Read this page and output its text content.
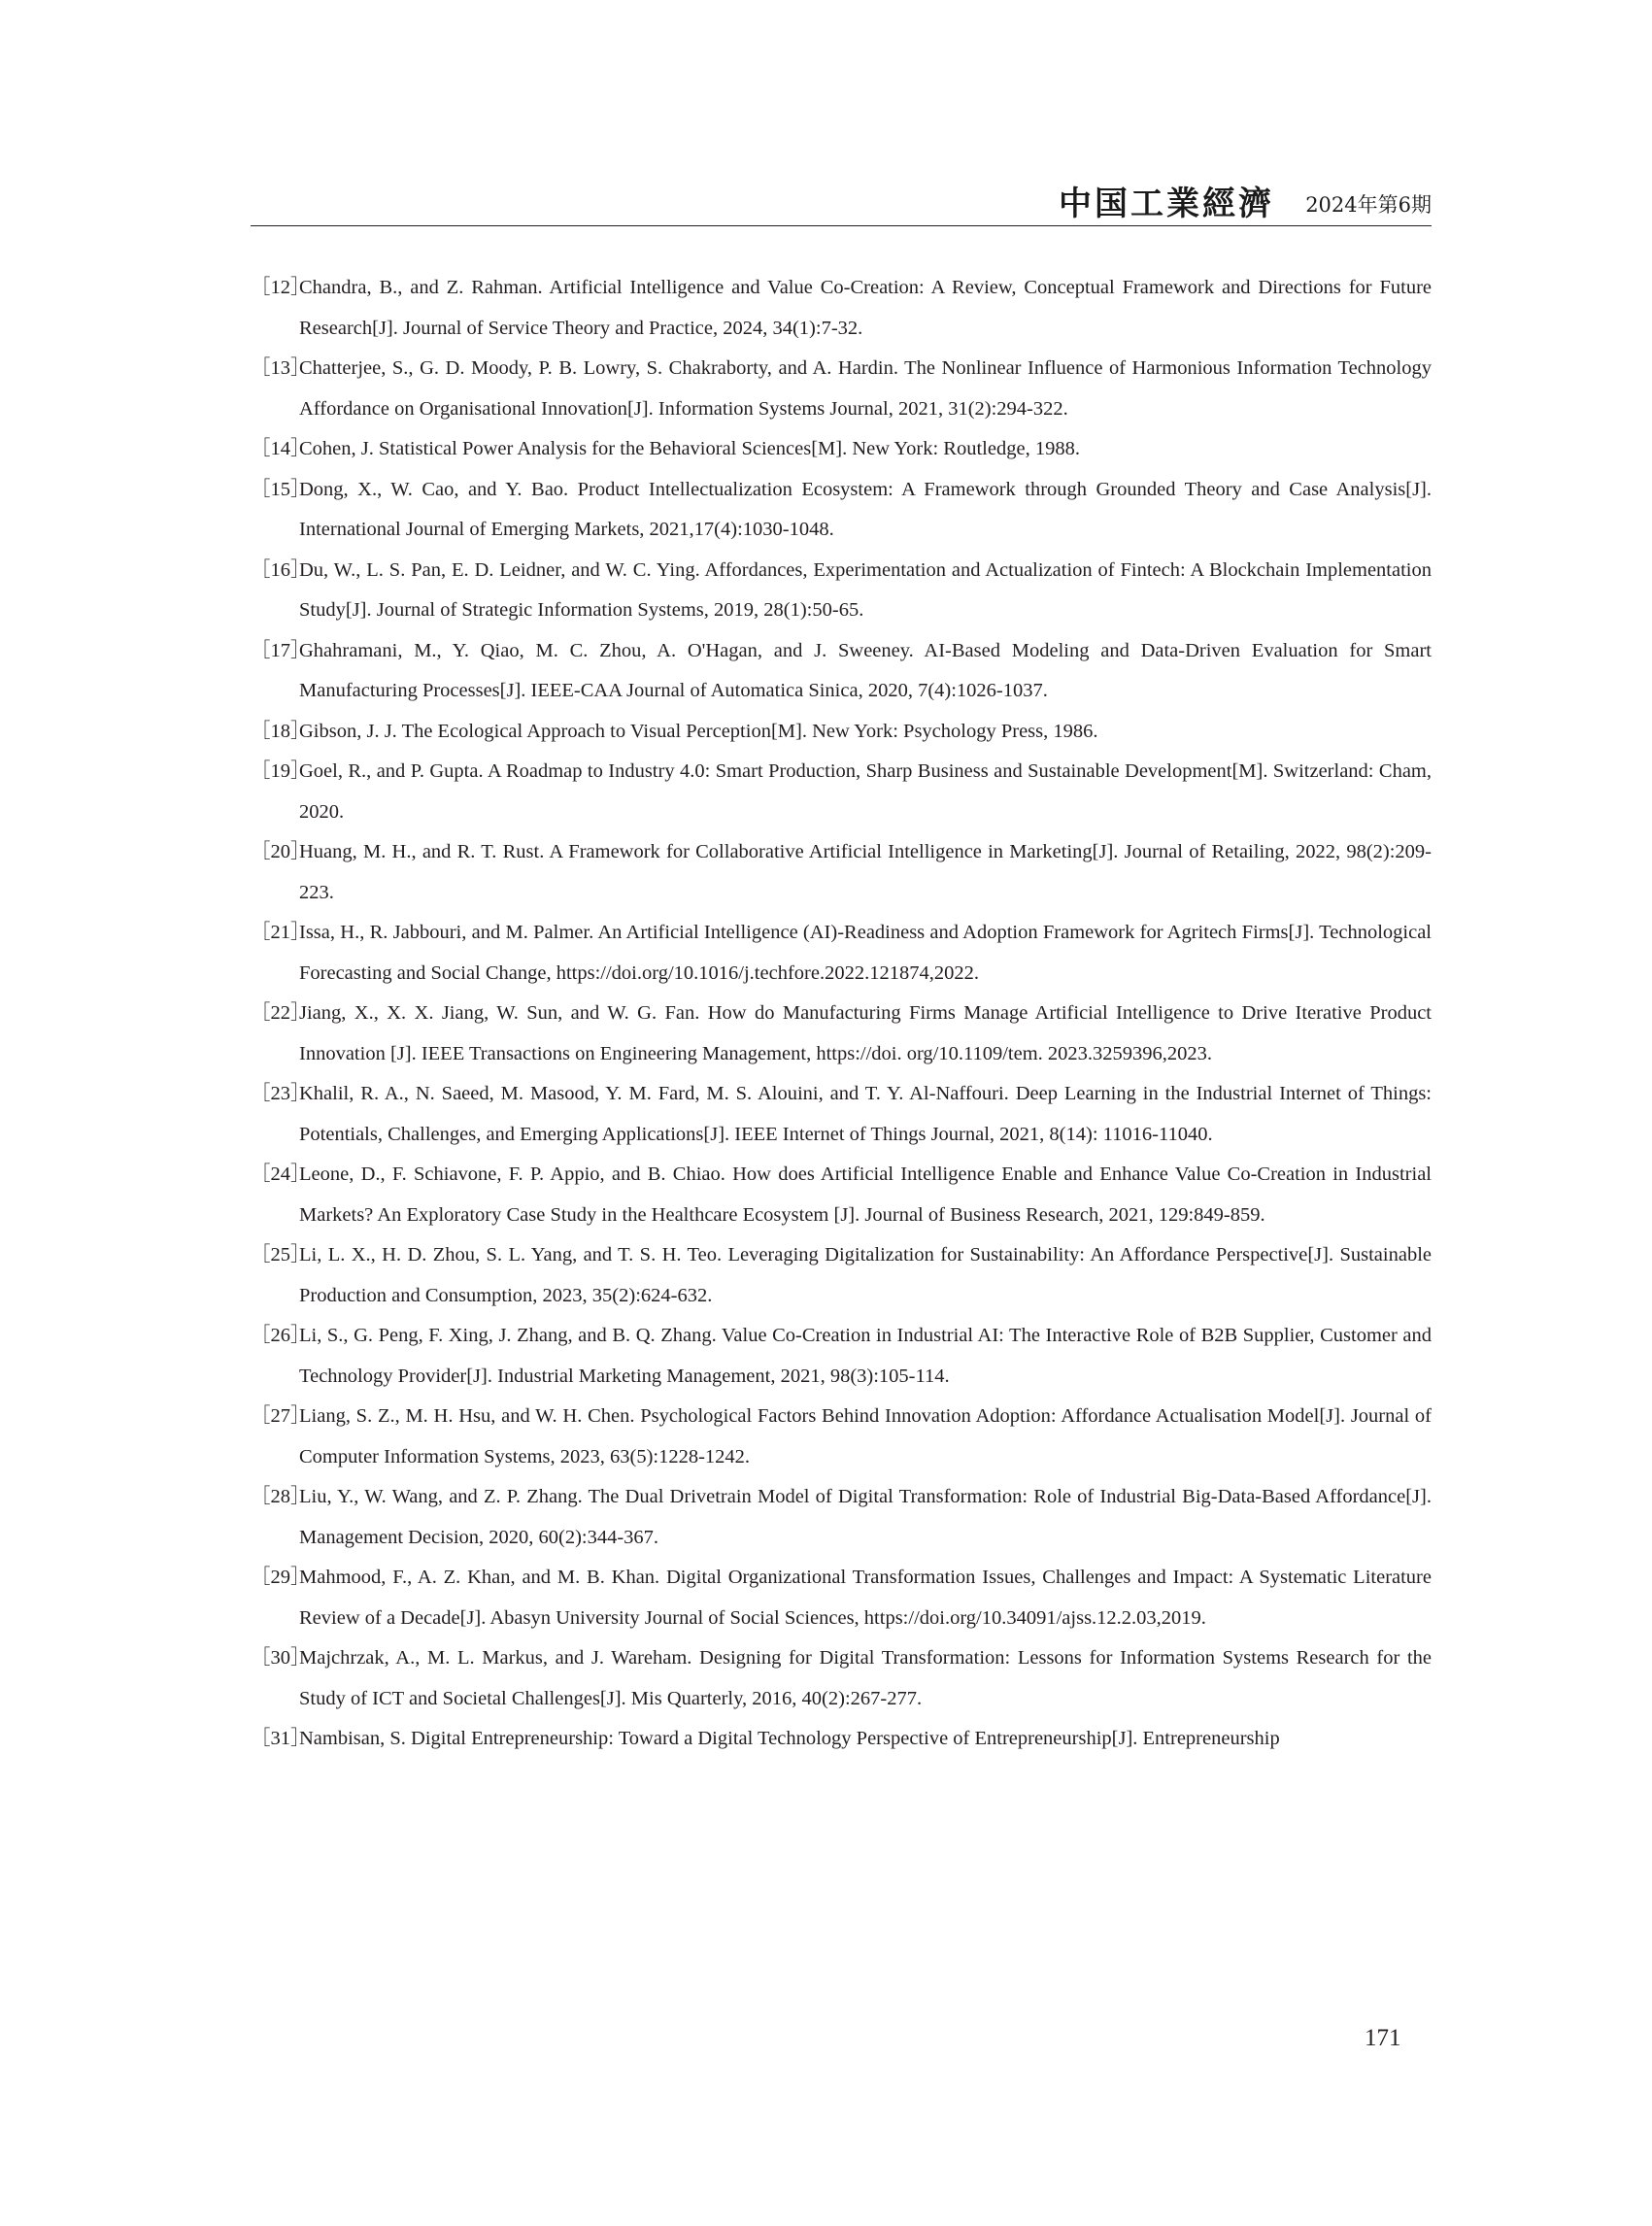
中国工業經濟 2024年第6期
［12］
Chandra, B., and Z. Rahman. Artificial Intelligence and Value Co-Creation: A Review, Conceptual Framework and Directions for Future Research[J]. Journal of Service Theory and Practice, 2024, 34(1):7-32.
［13］
Chatterjee, S., G. D. Moody, P. B. Lowry, S. Chakraborty, and A. Hardin. The Nonlinear Influence of Harmonious Information Technology Affordance on Organisational Innovation[J]. Information Systems Journal, 2021, 31(2):294-322.
［14］
Cohen, J. Statistical Power Analysis for the Behavioral Sciences[M]. New York: Routledge, 1988.
［15］
Dong, X., W. Cao, and Y. Bao. Product Intellectualization Ecosystem: A Framework through Grounded Theory and Case Analysis[J]. International Journal of Emerging Markets, 2021,17(4):1030-1048.
［16］
Du, W., L. S. Pan, E. D. Leidner, and W. C. Ying. Affordances, Experimentation and Actualization of Fintech: A Blockchain Implementation Study[J]. Journal of Strategic Information Systems, 2019, 28(1):50-65.
［17］
Ghahramani, M., Y. Qiao, M. C. Zhou, A. O'Hagan, and J. Sweeney. AI-Based Modeling and Data-Driven Evaluation for Smart Manufacturing Processes[J]. IEEE-CAA Journal of Automatica Sinica, 2020, 7(4):1026-1037.
［18］
Gibson, J. J. The Ecological Approach to Visual Perception[M]. New York: Psychology Press, 1986.
［19］
Goel, R., and P. Gupta. A Roadmap to Industry 4.0: Smart Production, Sharp Business and Sustainable Development[M]. Switzerland: Cham, 2020.
［20］
Huang, M. H., and R. T. Rust. A Framework for Collaborative Artificial Intelligence in Marketing[J]. Journal of Retailing, 2022, 98(2):209-223.
［21］
Issa, H., R. Jabbouri, and M. Palmer. An Artificial Intelligence (AI)-Readiness and Adoption Framework for Agritech Firms[J]. Technological Forecasting and Social Change, https://doi.org/10.1016/j.techfore.2022.121874,2022.
［22］
Jiang, X., X. X. Jiang, W. Sun, and W. G. Fan. How do Manufacturing Firms Manage Artificial Intelligence to Drive Iterative Product Innovation [J]. IEEE Transactions on Engineering Management, https://doi. org/10.1109/tem. 2023.3259396,2023.
［23］
Khalil, R. A., N. Saeed, M. Masood, Y. M. Fard, M. S. Alouini, and T. Y. Al-Naffouri. Deep Learning in the Industrial Internet of Things: Potentials, Challenges, and Emerging Applications[J]. IEEE Internet of Things Journal, 2021, 8(14): 11016-11040.
［24］
Leone, D., F. Schiavone, F. P. Appio, and B. Chiao. How does Artificial Intelligence Enable and Enhance Value Co-Creation in Industrial Markets? An Exploratory Case Study in the Healthcare Ecosystem [J]. Journal of Business Research, 2021, 129:849-859.
［25］
Li, L. X., H. D. Zhou, S. L. Yang, and T. S. H. Teo. Leveraging Digitalization for Sustainability: An Affordance Perspective[J]. Sustainable Production and Consumption, 2023, 35(2):624-632.
［26］
Li, S., G. Peng, F. Xing, J. Zhang, and B. Q. Zhang. Value Co-Creation in Industrial AI: The Interactive Role of B2B Supplier, Customer and Technology Provider[J]. Industrial Marketing Management, 2021, 98(3):105-114.
［27］
Liang, S. Z., M. H. Hsu, and W. H. Chen. Psychological Factors Behind Innovation Adoption: Affordance Actualisation Model[J]. Journal of Computer Information Systems, 2023, 63(5):1228-1242.
［28］
Liu, Y., W. Wang, and Z. P. Zhang. The Dual Drivetrain Model of Digital Transformation: Role of Industrial Big-Data-Based Affordance[J]. Management Decision, 2020, 60(2):344-367.
［29］
Mahmood, F., A. Z. Khan, and M. B. Khan. Digital Organizational Transformation Issues, Challenges and Impact: A Systematic Literature Review of a Decade[J]. Abasyn University Journal of Social Sciences, https://doi.org/10.34091/ajss.12.2.03,2019.
［30］
Majchrzak, A., M. L. Markus, and J. Wareham. Designing for Digital Transformation: Lessons for Information Systems Research for the Study of ICT and Societal Challenges[J]. Mis Quarterly, 2016, 40(2):267-277.
［31］
Nambisan, S. Digital Entrepreneurship: Toward a Digital Technology Perspective of Entrepreneurship[J]. Entrepreneurship
171
